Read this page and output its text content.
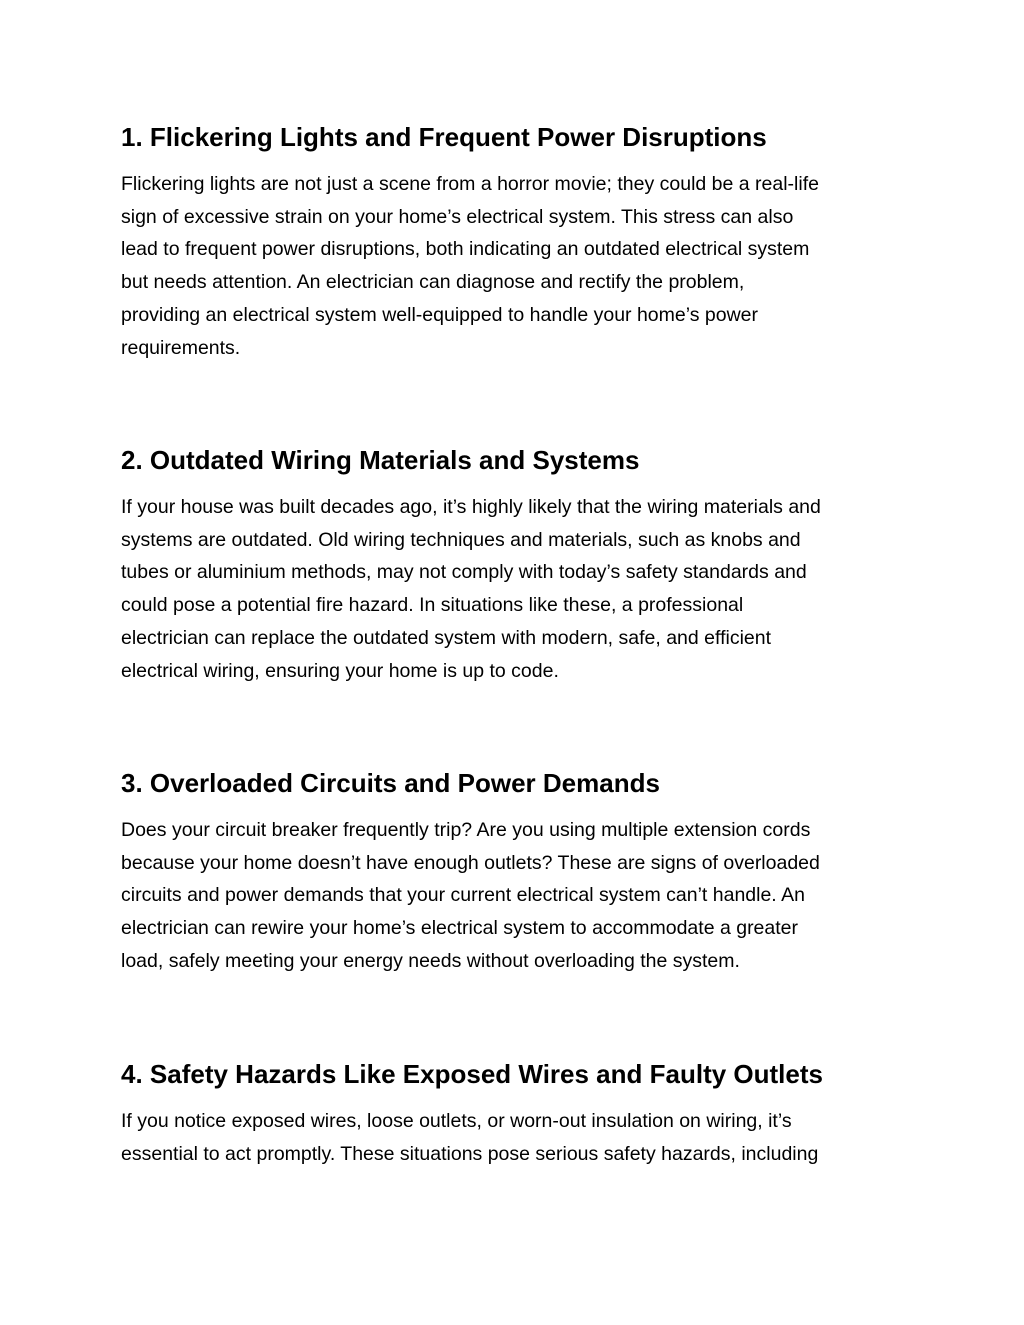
1. Flickering Lights and Frequent Power Disruptions

Flickering lights are not just a scene from a horror movie; they could be a real-life
sign of excessive strain on your home’s electrical system. This stress can also
lead to frequent power disruptions, both indicating an outdated electrical system
but needs attention. An electrician can diagnose and rectify the problem,
providing an electrical system well-equipped to handle your home’s power
requirements.

2. Outdated Wiring Materials and Systems

If your house was built decades ago, it’s highly likely that the wiring materials and
systems are outdated. Old wiring techniques and materials, such as knobs and
tubes or aluminium methods, may not comply with today’s safety standards and
could pose a potential fire hazard. In situations like these, a professional
electrician can replace the outdated system with modern, safe, and efficient
electrical wiring, ensuring your home is up to code.

3. Overloaded Circuits and Power Demands

Does your circuit breaker frequently trip? Are you using multiple extension cords
because your home doesn’t have enough outlets? These are signs of overloaded
circuits and power demands that your current electrical system can’t handle. An
electrician can rewire your home’s electrical system to accommodate a greater
load, safely meeting your energy needs without overloading the system.

4. Safety Hazards Like Exposed Wires and Faulty Outlets

If you notice exposed wires, loose outlets, or worn-out insulation on wiring, it’s
essential to act promptly. These situations pose serious safety hazards, including
